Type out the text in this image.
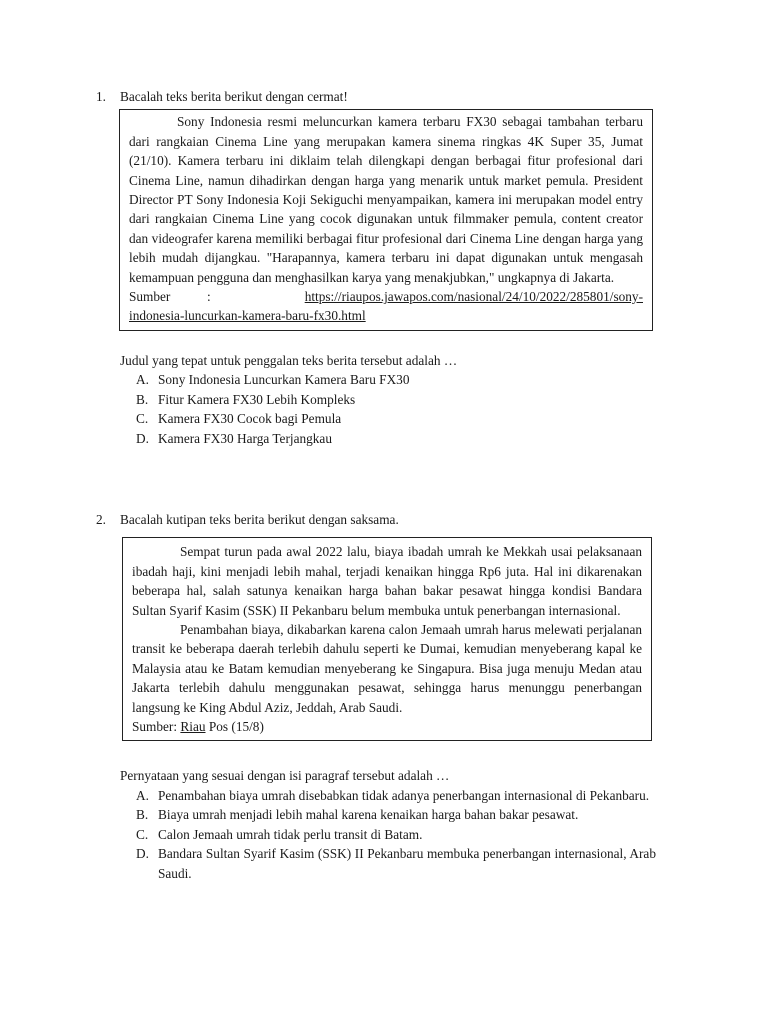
1.	Bacalah teks berita berikut dengan cermat!

Sony Indonesia resmi meluncurkan kamera terbaru FX30 sebagai tambahan terbaru dari rangkaian Cinema Line yang merupakan kamera sinema ringkas 4K Super 35, Jumat (21/10). Kamera terbaru ini diklaim telah dilengkapi dengan berbagai fitur profesional dari Cinema Line, namun dihadirkan dengan harga yang menarik untuk market pemula. President Director PT Sony Indonesia Koji Sekiguchi menyampaikan, kamera ini merupakan model entry dari rangkaian Cinema Line yang cocok digunakan untuk filmmaker pemula, content creator dan videografer karena memiliki berbagai fitur profesional dari Cinema Line dengan harga yang lebih mudah dijangkau. "Harapannya, kamera terbaru ini dapat digunakan untuk mengasah kemampuan pengguna dan menghasilkan karya yang menakjubkan," ungkapnya di Jakarta.

Sumber	:	https://riaupos.jawapos.com/nasional/24/10/2022/285801/sony-
indonesia-luncurkan-kamera-baru-fx30.html
Judul yang tepat untuk penggalan teks berita tersebut adalah …
A. Sony Indonesia Luncurkan Kamera Baru FX30
B. Fitur Kamera FX30 Lebih Kompleks
C. Kamera FX30 Cocok bagi Pemula
D. Kamera FX30 Harga Terjangkau
2.	Bacalah kutipan teks berita berikut dengan saksama.

Sempat turun pada awal 2022 lalu, biaya ibadah umrah ke Mekkah usai pelaksanaan ibadah haji, kini menjadi lebih mahal, terjadi kenaikan hingga Rp6 juta. Hal ini dikarenakan beberapa hal, salah satunya kenaikan harga bahan bakar pesawat hingga kondisi Bandara Sultan Syarif Kasim (SSK) II Pekanbaru belum membuka untuk penerbangan internasional.

Penambahan biaya, dikabarkan karena calon Jemaah umrah harus melewati perjalanan transit ke beberapa daerah terlebih dahulu seperti ke Dumai, kemudian menyeberang kapal ke Malaysia atau ke Batam kemudian menyeberang ke Singapura. Bisa juga menuju Medan atau Jakarta terlebih dahulu menggunakan pesawat, sehingga harus menunggu penerbangan langsung ke King Abdul Aziz, Jeddah, Arab Saudi.

Sumber: Riau Pos (15/8)
Pernyataan yang sesuai dengan isi paragraf tersebut adalah …
A. Penambahan biaya umrah disebabkan tidak adanya penerbangan internasional di Pekanbaru.
B. Biaya umrah menjadi lebih mahal karena kenaikan harga bahan bakar pesawat.
C. Calon Jemaah umrah tidak perlu transit di Batam.
D. Bandara Sultan Syarif Kasim (SSK) II Pekanbaru membuka penerbangan internasional, Arab Saudi.
